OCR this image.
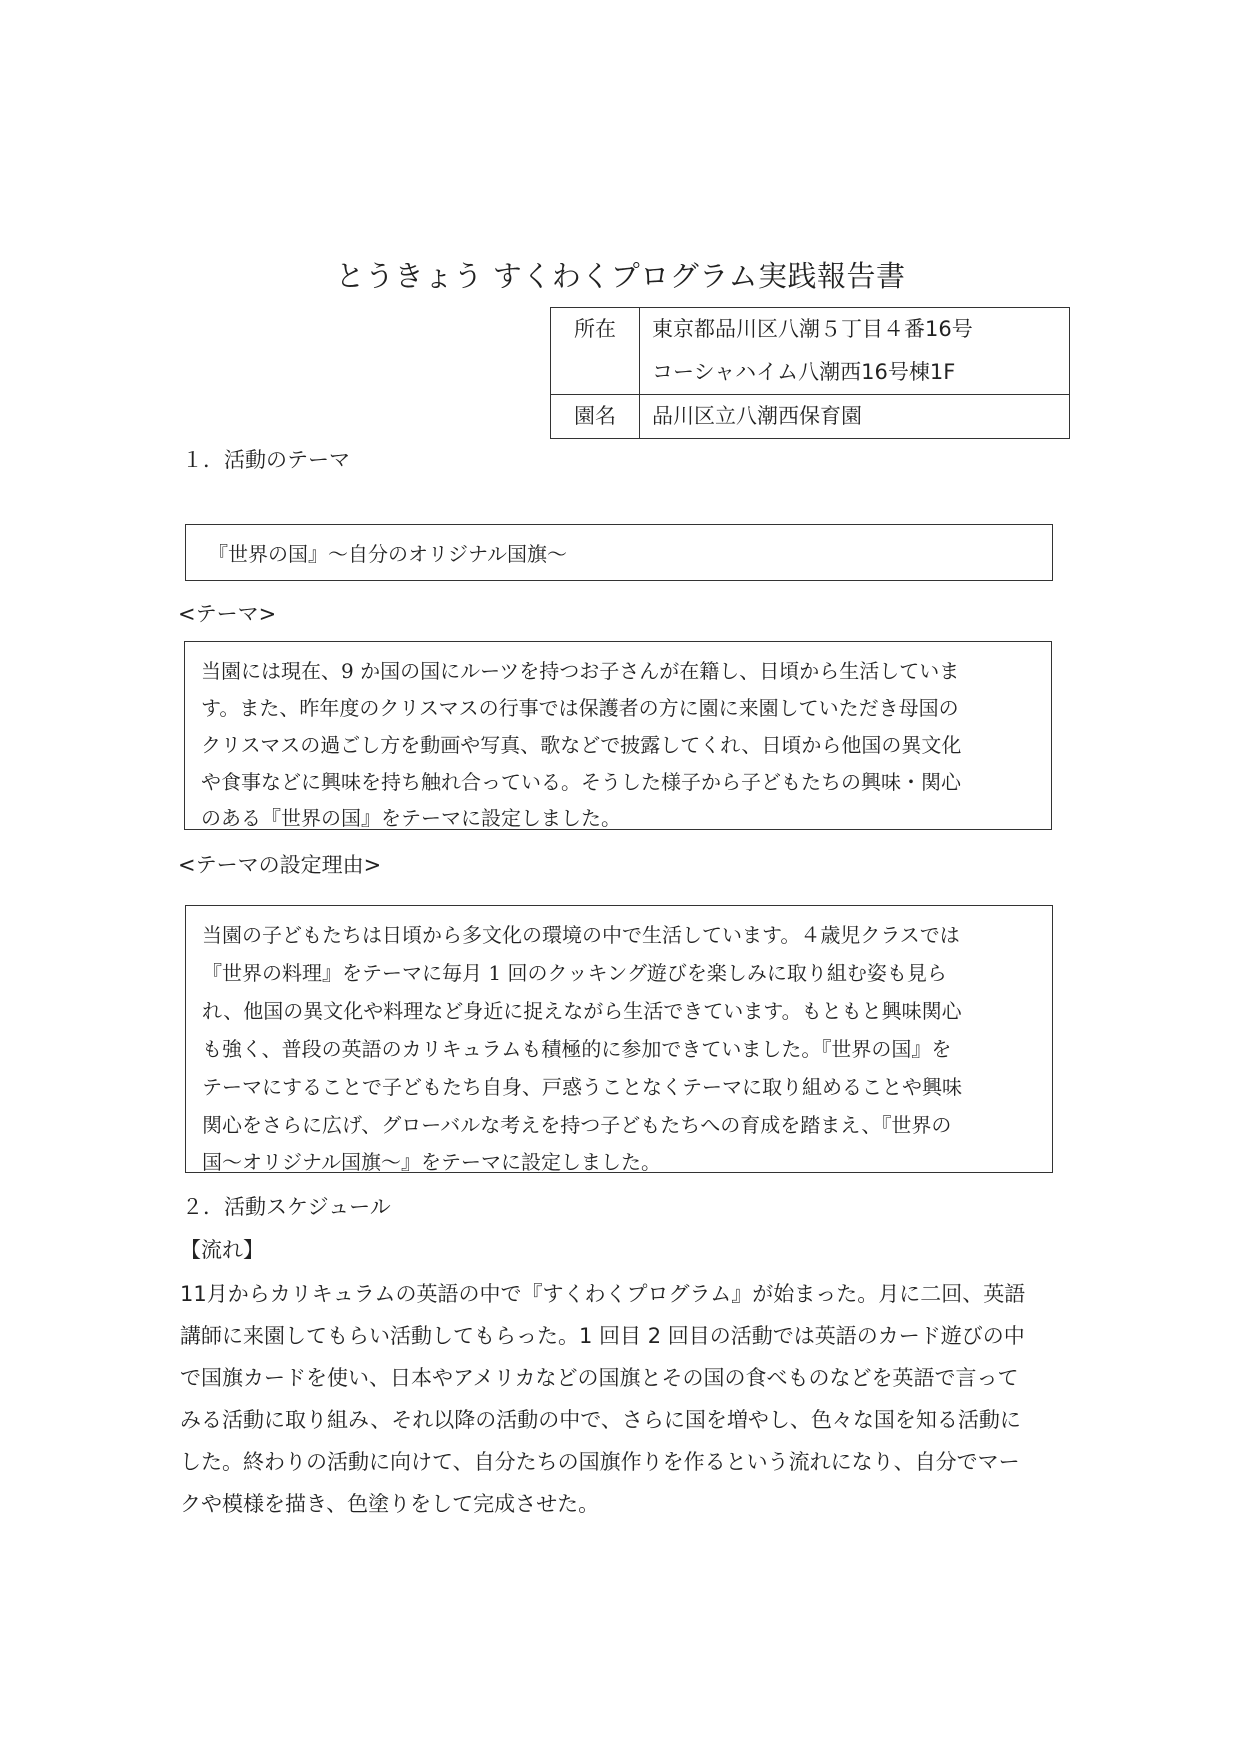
とうきょう すくわくプログラム実践報告書
所在	東京都品川区八潮５丁目４番16号
コーシャハイム八潮西16号棟1F

園名	品川区立八潮西保育園
１．活動のテーマ
『世界の国』～自分のオリジナル国旗～
<テーマ>
当園には現在、9 か国の国にルーツを持つお子さんが在籍し、日頃から生活していま
す。また、昨年度のクリスマスの行事では保護者の方に園に来園していただき母国の
クリスマスの過ごし方を動画や写真、歌などで披露してくれ、日頃から他国の異文化
や食事などに興味を持ち触れ合っている。そうした様子から子どもたちの興味・関心
のある『世界の国』をテーマに設定しました。
<テーマの設定理由>
当園の子どもたちは日頃から多文化の環境の中で生活しています。４歳児クラスでは
『世界の料理』をテーマに毎月 1 回のクッキング遊びを楽しみに取り組む姿も見ら
れ、他国の異文化や料理など身近に捉えながら生活できています。もともと興味関心
も強く、普段の英語のカリキュラムも積極的に参加できていました。『世界の国』を
テーマにすることで子どもたち自身、戸惑うことなくテーマに取り組めることや興味
関心をさらに広げ、グローバルな考えを持つ子どもたちへの育成を踏まえ、『世界の
国～オリジナル国旗～』をテーマに設定しました。
２．活動スケジュール
【流れ】
11月からカリキュラムの英語の中で『すくわくプログラム』が始まった。月に二回、英語
講師に来園してもらい活動してもらった。1 回目 2 回目の活動では英語のカード遊びの中
で国旗カードを使い、日本やアメリカなどの国旗とその国の食べものなどを英語で言って
みる活動に取り組み、それ以降の活動の中で、さらに国を増やし、色々な国を知る活動に
した。終わりの活動に向けて、自分たちの国旗作りを作るという流れになり、自分でマー
クや模様を描き、色塗りをして完成させた。
